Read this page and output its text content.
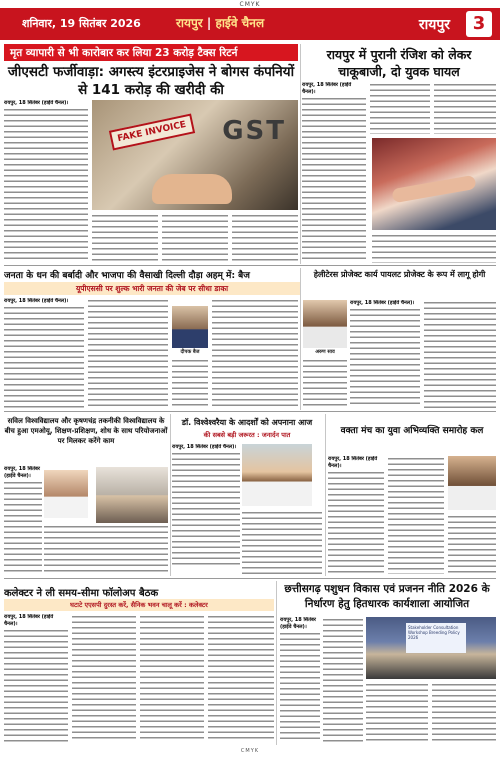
CMYK
शनिवार, 19 सितंबर 2026	रायपुर | हाईवे चैनल	रायपुर	3
मृत व्यापारी से भी कारोबार कर लिया 23 करोड़ टैक्स रिटर्न
जीएसटी फर्जीवाड़ा: अगस्त्य इंटरप्राइजेस ने बोगस कंपनियों से 141 करोड़ की खरीदी की
रायपुर, 18 सितंबर (हाईवे चैनल)।
FAKE INVOICE	GST
रायपुर में पुरानी रंजिश को लेकर चाकूबाजी, दो युवक घायल
रायपुर, 18 सितंबर (हाईवे चैनल)।
जनता के धन की बर्बादी और भाजपा की वैसाखी दिल्ली दौड़ा अहम् में: बैज
यूपीएससी पर शुल्क भारी जनता की जेब पर सीधा डाका
रायपुर, 18 सितंबर (हाईवे चैनल)।
दीपक बैज
हेलीटेरस प्रोजेक्ट कार्य पायलट प्रोजेक्ट के रूप में लागू होगी
अरुण साव
रायपुर, 18 सितंबर (हाईवे चैनल)।
सविल विश्वविद्यालय और कृषणचंद्र तकनीकी विश्वविद्यालय के बीच हुआ एमओयू, शिक्षण-प्रशिक्षण, शोध के साथ परियोजनाओं पर मिलकर करेंगे काम
रायपुर, 18 सितंबर (हाईवे चैनल)।
डॉ. विश्वेश्वरैया के आदर्शों को अपनाना आज
की सबसे बड़ी जरूरत : जनार्दन पात
रायपुर, 18 सितंबर (हाईवे चैनल)।
वक्ता मंच का युवा अभिव्यक्ति समारोह कल
रायपुर, 18 सितंबर (हाईवे चैनल)।
कलेक्टर ने ली समय-सीमा फॉलोअप बैठक
घटाटे एएसपी दुरस्त करें, सैनिक भवन चालू करें : कलेक्टर
रायपुर, 18 सितंबर (हाईवे चैनल)।
छत्तीसगढ़ पशुधन विकास एवं प्रजनन नीति 2026 के निर्धारण हेतु हितधारक कार्यशाला आयोजित
रायपुर, 18 सितंबर (हाईवे चैनल)।	Stakeholder Consultation Workshop Breeding Policy 2026
CMYK
